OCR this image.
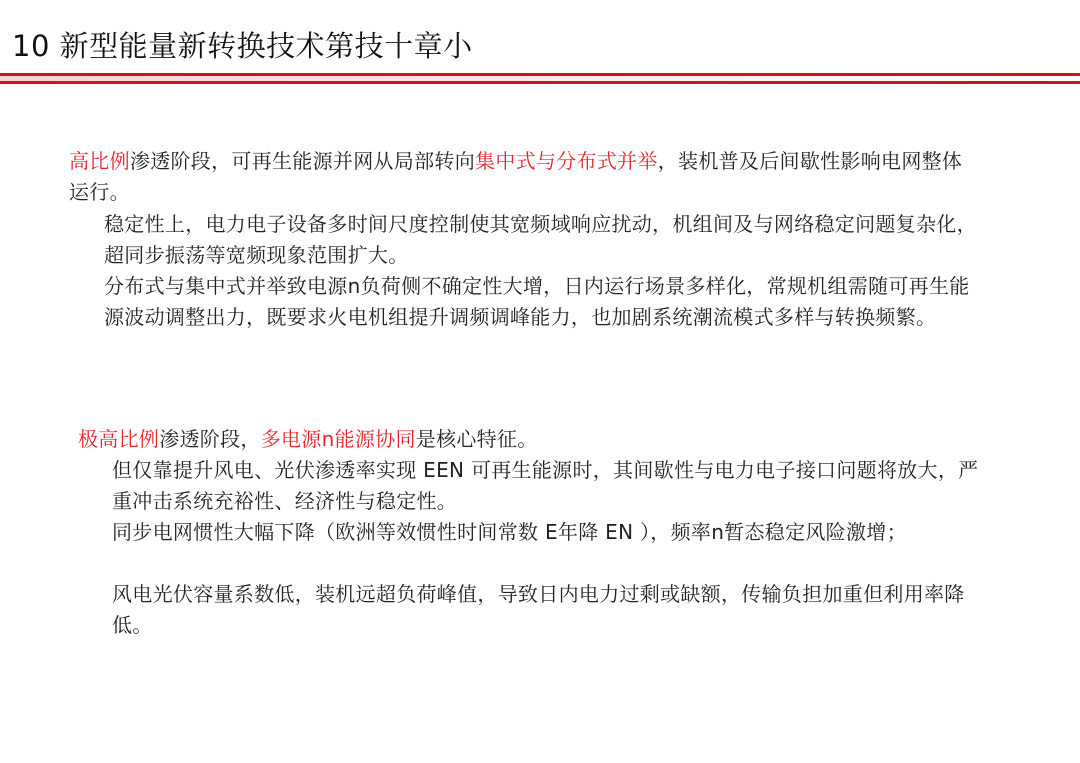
10 新型能量新转换技术第技十章小
高比例渗透阶段，可再生能源并网从局部转向集中式与分布式并举，装机普及后间歇性影响电网整体运行。
稳定性上，电力电子设备多时间尺度控制使其宽频域响应扰动，机组间及与网络稳定问题复杂化，超同步振荡等宽频现象范围扩大。
分布式与集中式并举致电源n负荷侧不确定性大增，日内运行场景多样化，常规机组需随可再生能源波动调整出力，既要求火电机组提升调频调峰能力，也加剧系统潮流模式多样与转换频繁。
极高比例渗透阶段，多电源n能源协同是核心特征。
但仅靠提升风电、光伏渗透率实现 EEN 可再生能源时，其间歇性与电力电子接口问题将放大，严重冲击系统充裕性、经济性与稳定性。
同步电网惯性大幅下降（欧洲等效惯性时间常数 E年降 EN ），频率n暂态稳定风险激增；
风电光伏容量系数低，装机远超负荷峰值，导致日内电力过剩或缺额，传输负担加重但利用率降低。
